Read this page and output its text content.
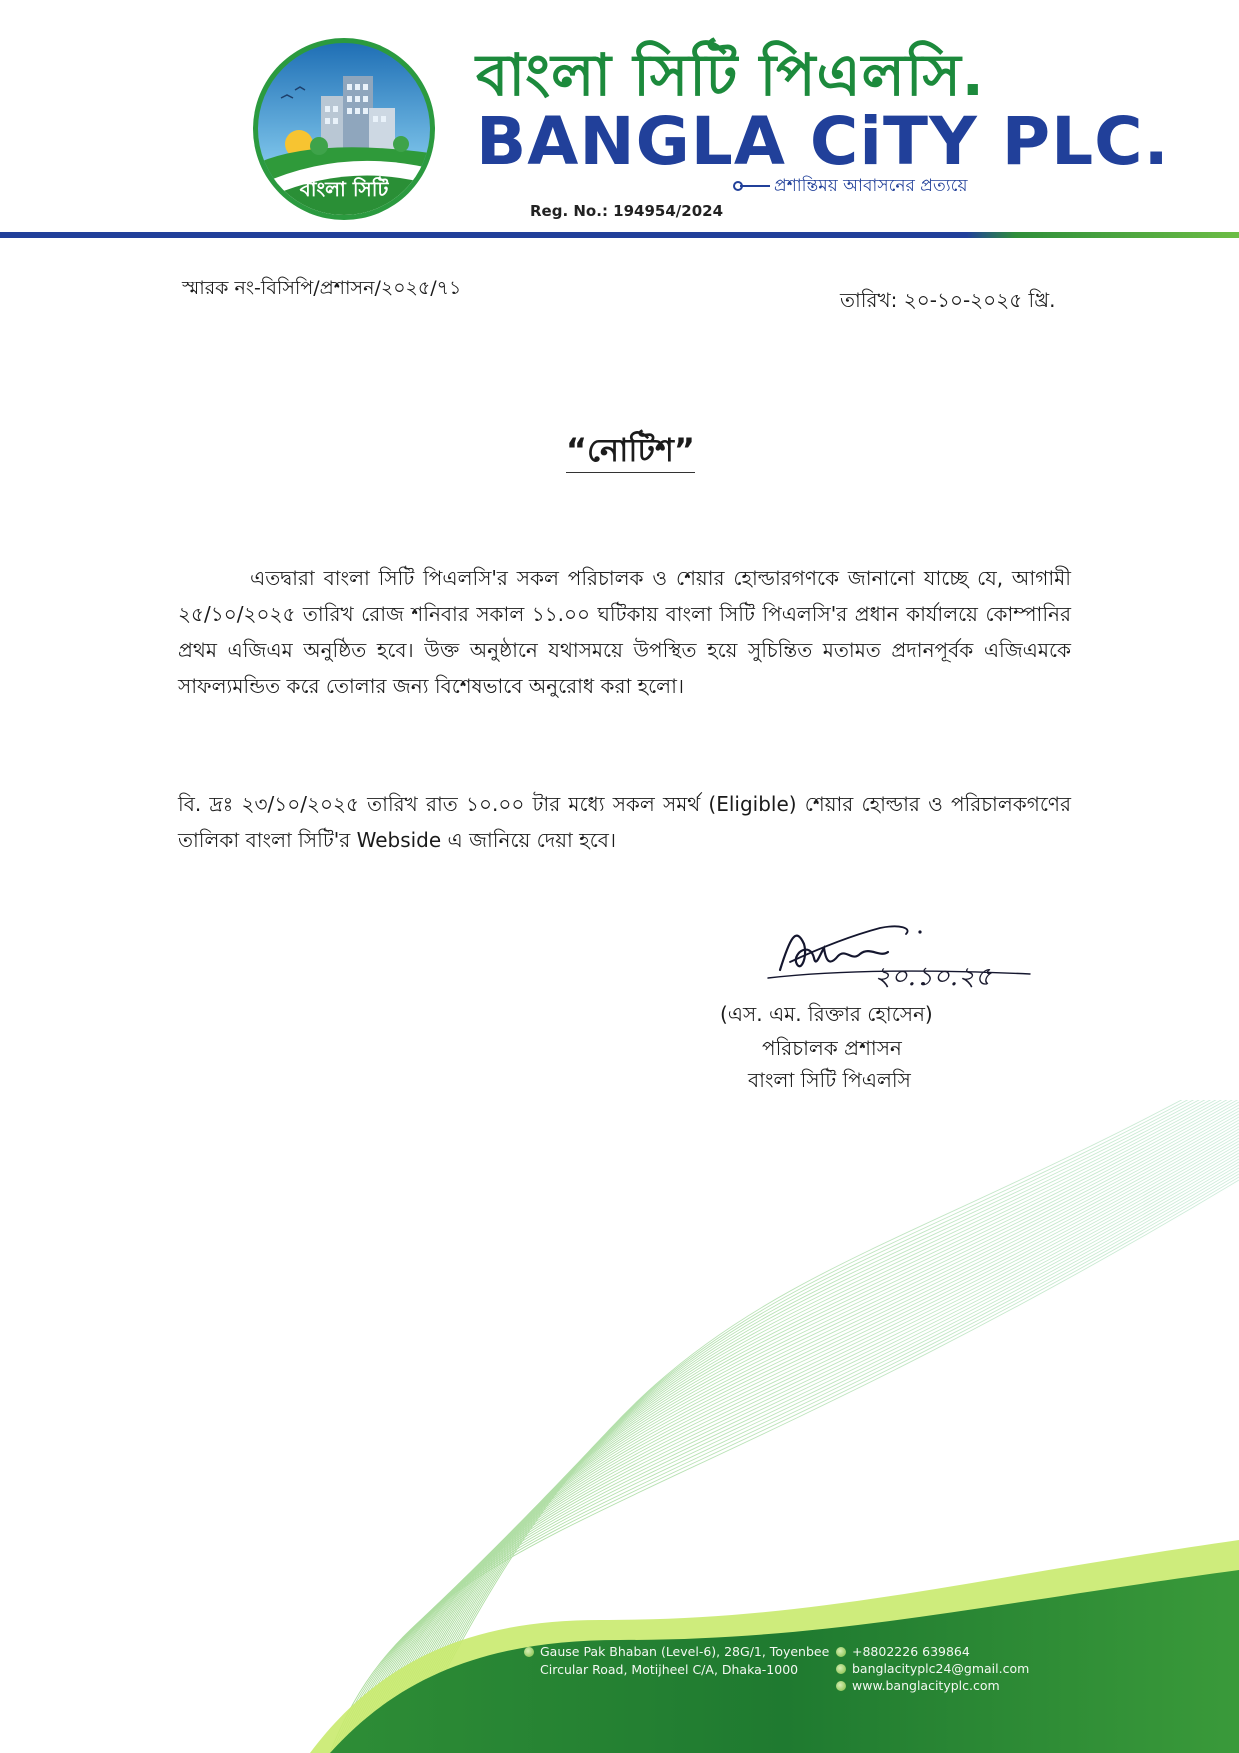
বাংলা সিটি
বাংলা সিটি পিএলসি.
BANGLA CiTY PLC.
প্রশান্তিময় আবাসনের প্রত্যয়ে
Reg. No.: 194954/2024
স্মারক নং-বিসিপি/প্রশাসন/২০২৫/৭১	তারিখ: ২০-১০-২০২৫ খ্রি.
“নোটিশ”
এতদ্বারা বাংলা সিটি পিএলসি'র সকল পরিচালক ও শেয়ার হোল্ডারগণকে জানানো যাচ্ছে যে, আগামী ২৫/১০/২০২৫ তারিখ রোজ শনিবার সকাল ১১.০০ ঘটিকায় বাংলা সিটি পিএলসি'র প্রধান কার্যালয়ে কোম্পানির প্রথম এজিএম অনুষ্ঠিত হবে। উক্ত অনুষ্ঠানে যথাসময়ে উপস্থিত হয়ে সুচিন্তিত মতামত প্রদানপূর্বক এজিএমকে সাফল্যমন্ডিত করে তোলার জন্য বিশেষভাবে অনুরোধ করা হলো।
বি. দ্রঃ ২৩/১০/২০২৫ তারিখ রাত ১০.০০ টার মধ্যে সকল সমর্থ (Eligible) শেয়ার হোল্ডার ও পরিচালকগণের তালিকা বাংলা সিটি'র Webside এ জানিয়ে দেয়া হবে।
২০.১০.২৫
(এস. এম. রিক্তার হোসেন)
পরিচালক প্রশাসন
বাংলা সিটি পিএলসি
Gause Pak Bhaban (Level-6), 28G/1, Toyenbee
Circular Road, Motijheel C/A, Dhaka-1000
+8802226 639864
banglacityplc24@gmail.com
www.banglacityplc.com
